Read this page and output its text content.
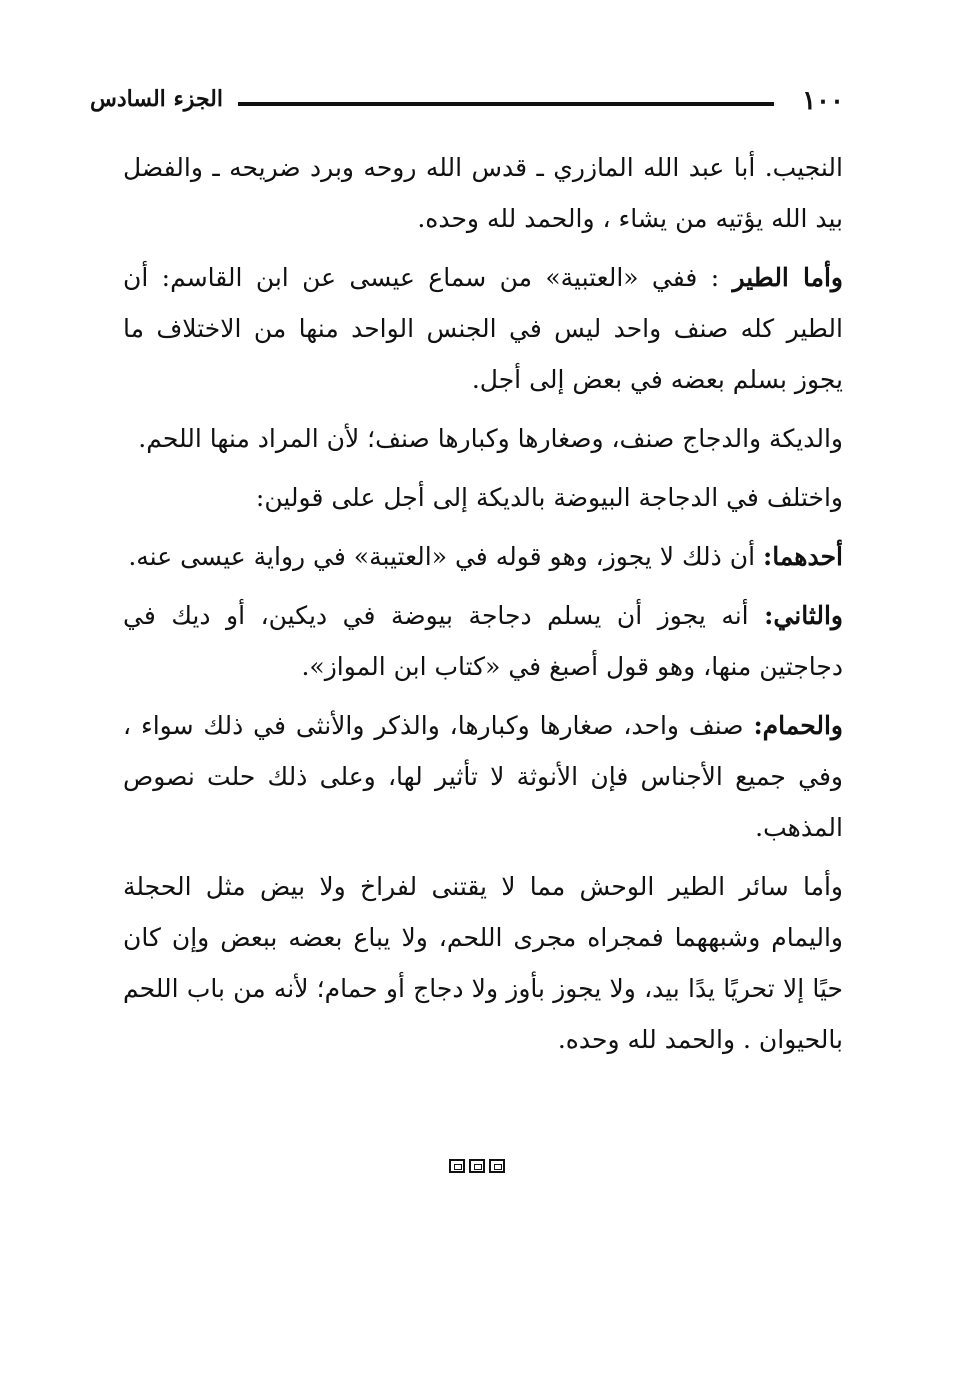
١٠٠
الجزء السادس

النجيب. أبا عبد الله المازري ـ قدس الله روحه وبرد ضريحه ـ والفضل بيد الله يؤتيه من يشاء ، والحمد لله وحده.

وأما الطير : ففي «العتبية» من سماع عيسى عن ابن القاسم: أن الطير كله صنف واحد ليس في الجنس الواحد منها من الاختلاف ما يجوز بسلم بعضه في بعض إلى أجل.

والديكة والدجاج صنف، وصغارها وكبارها صنف؛ لأن المراد منها اللحم.

واختلف في الدجاجة البيوضة بالديكة إلى أجل على قولين:

أحدهما: أن ذلك لا يجوز، وهو قوله في «العتيبة» في رواية عيسى عنه.

والثاني: أنه يجوز أن يسلم دجاجة بيوضة في ديكين، أو ديك في دجاجتين منها، وهو قول أصبغ في «كتاب ابن المواز».

والحمام: صنف واحد، صغارها وكبارها، والذكر والأنثى في ذلك سواء ، وفي جميع الأجناس فإن الأنوثة لا تأثير لها، وعلى ذلك حلت نصوص المذهب.

وأما سائر الطير الوحش مما لا يقتنى لفراخ ولا بيض مثل الحجلة واليمام وشبههما فمجراه مجرى اللحم، ولا يباع بعضه ببعض وإن كان حيًا إلا تحريًا يدًا بيد، ولا يجوز بأوز ولا دجاج أو حمام؛ لأنه من باب اللحم بالحيوان . والحمد لله وحده.
